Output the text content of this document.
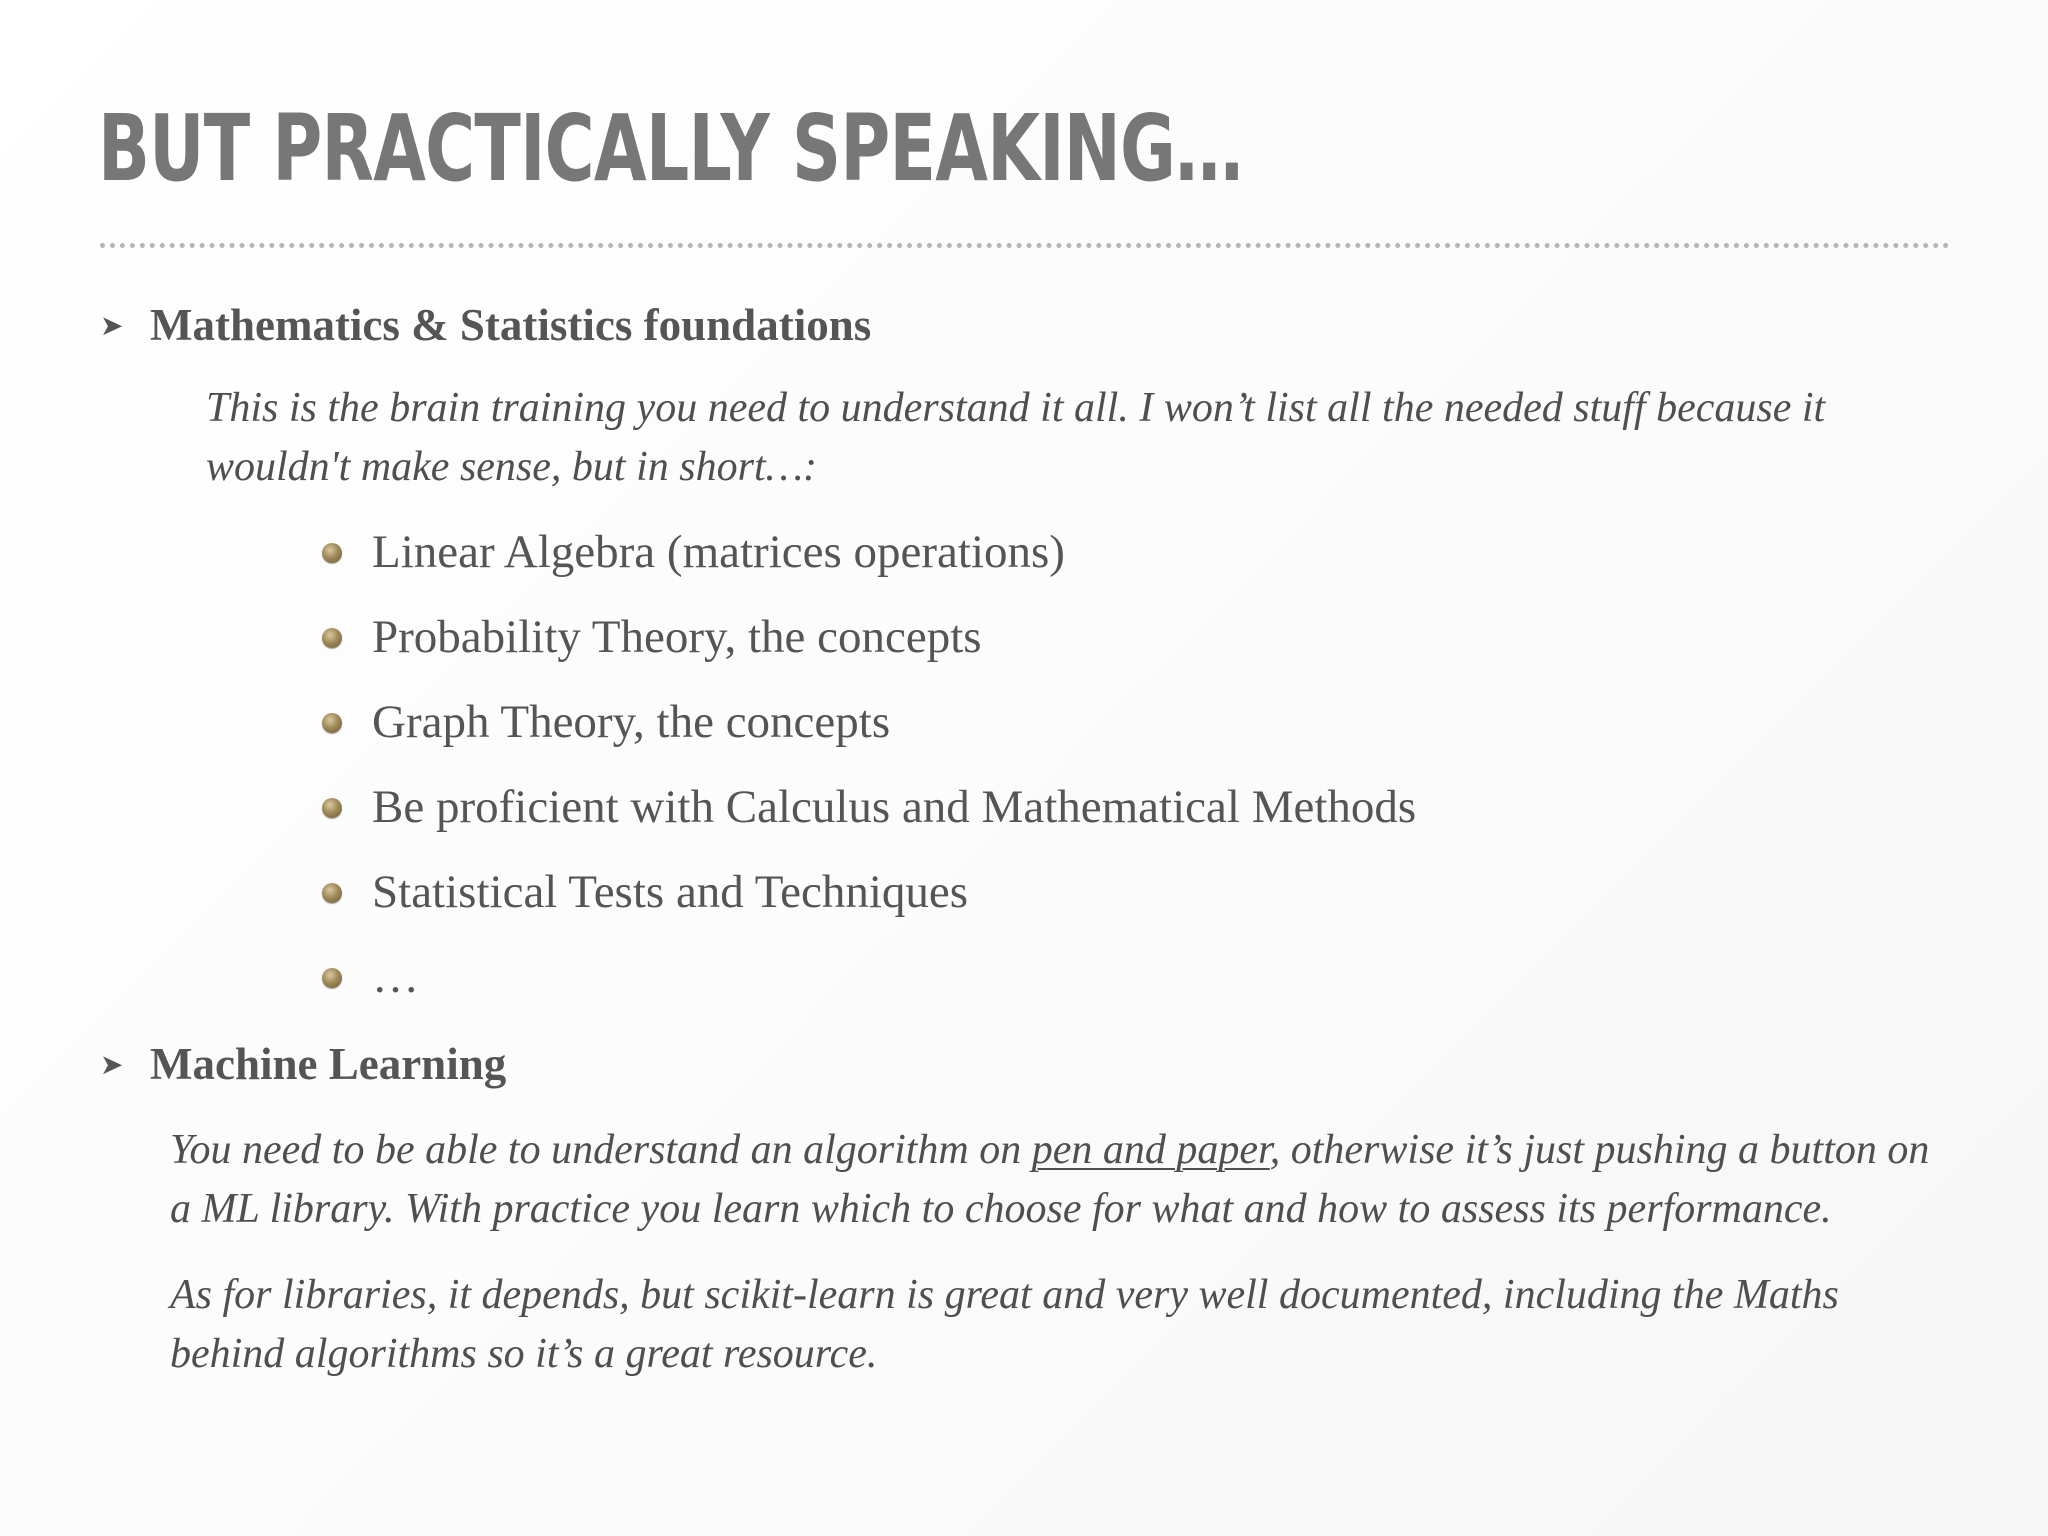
BUT PRACTICALLY SPEAKING…
➤ Mathematics & Statistics foundations
This is the brain training you need to understand it all. I won’t list all the needed stuff because it wouldn't make sense, but in short…:
Linear Algebra (matrices operations)
Probability Theory, the concepts
Graph Theory, the concepts
Be proficient with Calculus and Mathematical Methods
Statistical Tests and Techniques
…
➤ Machine Learning
You need to be able to understand an algorithm on pen and paper, otherwise it’s just pushing a button on a ML library. With practice you learn which to choose for what and how to assess its performance.
As for libraries, it depends, but scikit-learn is great and very well documented, including the Maths behind algorithms so it’s a great resource.
